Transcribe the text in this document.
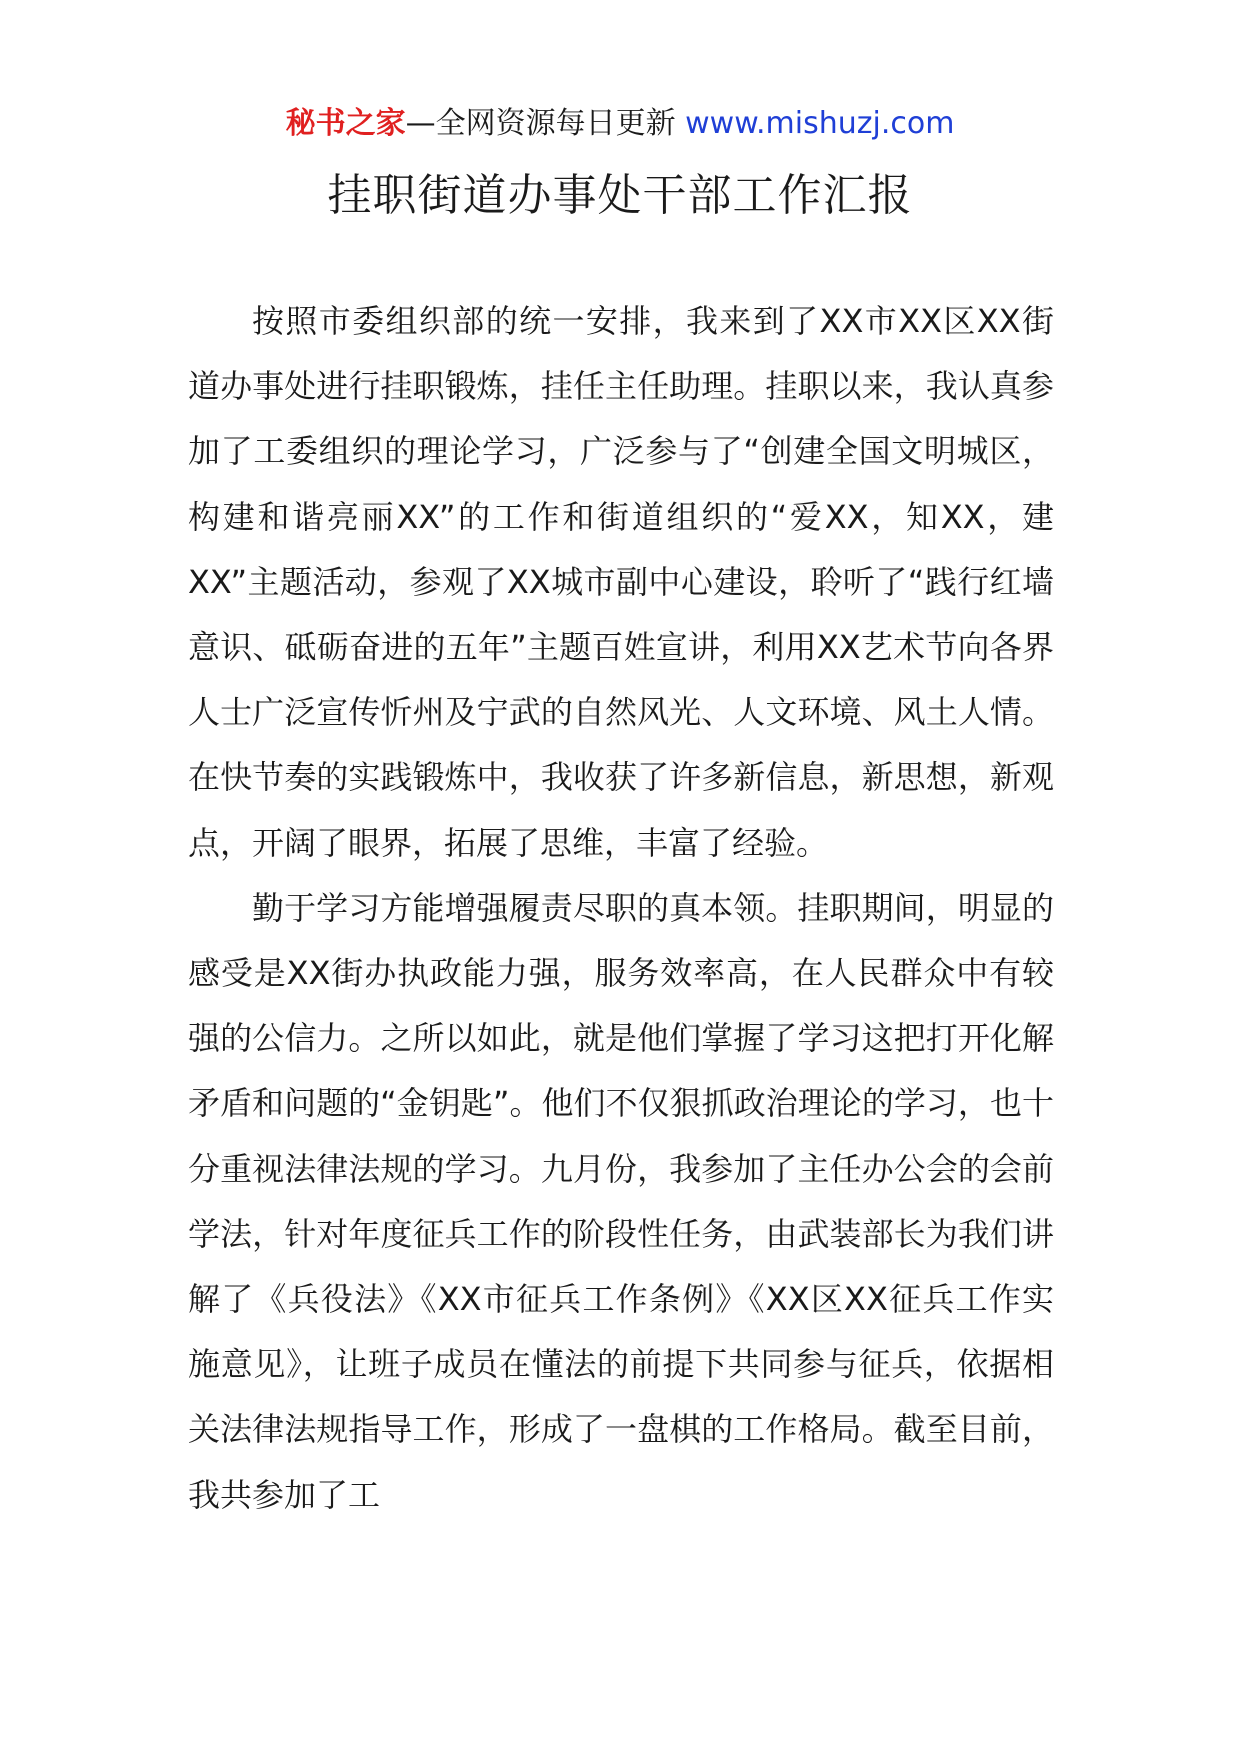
秘书之家—全网资源每日更新 www.mishuzj.com
挂职街道办事处干部工作汇报

按照市委组织部的统一安排，我来到了XX市XX区XX街道办事处进行挂职锻炼，挂任主任助理。挂职以来，我认真参加了工委组织的理论学习，广泛参与了“创建全国文明城区，构建和谐亮丽XX”的工作和街道组织的“爱XX，知XX，建XX”主题活动，参观了XX城市副中心建设，聆听了“践行红墙意识、砥砺奋进的五年”主题百姓宣讲，利用XX艺术节向各界人士广泛宣传忻州及宁武的自然风光、人文环境、风土人情。在快节奏的实践锻炼中，我收获了许多新信息，新思想，新观点，开阔了眼界，拓展了思维，丰富了经验。

勤于学习方能增强履责尽职的真本领。挂职期间，明显的感受是XX街办执政能力强，服务效率高，在人民群众中有较强的公信力。之所以如此，就是他们掌握了学习这把打开化解矛盾和问题的“金钥匙”。他们不仅狠抓政治理论的学习，也十分重视法律法规的学习。九月份，我参加了主任办公会的会前学法，针对年度征兵工作的阶段性任务，由武装部长为我们讲解了《兵役法》《XX市征兵工作条例》《XX区XX征兵工作实施意见》，让班子成员在懂法的前提下共同参与征兵，依据相关法律法规指导工作，形成了一盘棋的工作格局。截至目前，我共参加了工
